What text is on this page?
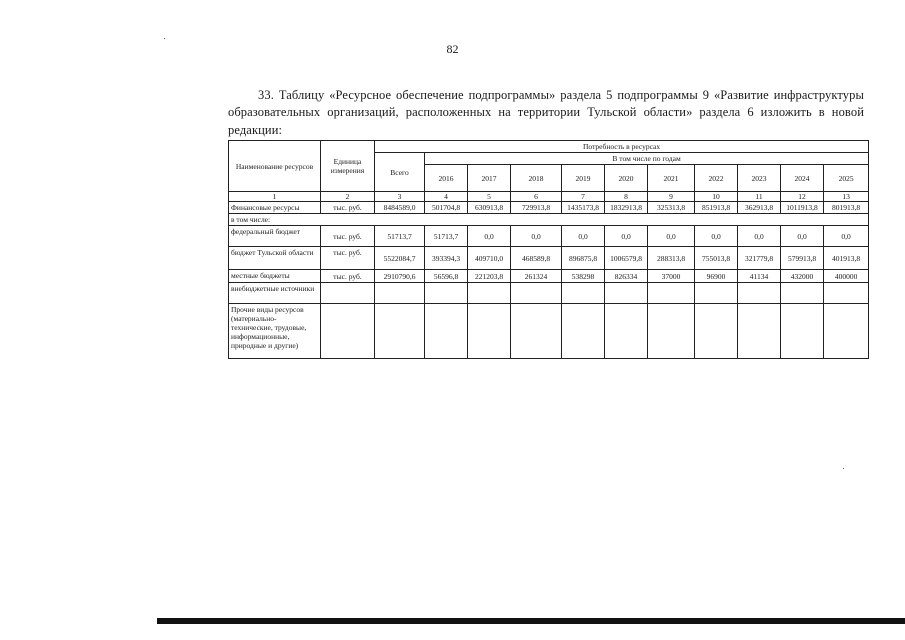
82

33. Таблицу «Ресурсное обеспечение подпрограммы» раздела 5 подпрограммы 9 «Развитие инфраструктуры образовательных организаций, расположенных на территории Тульской области» раздела 6 изложить в новой редакции:

Наименование ресурсов	Единица измерения	Потребность в ресурсах										
		Всего	В том числе по годам									
			2016	2017	2018	2019	2020	2021	2022	2023	2024	2025
1	2	3	4	5	6	7	8	9	10	11	12	13
Финансовые ресурсы	тыс. руб.	8484589,0	501704,8	630913,8	729913,8	1435173,8	1832913,8	325313,8	851913,8	362913,8	1011913,8	801913,8
в том числе:												
федеральный бюджет	тыс. руб.	51713,7	51713,7	0,0	0,0	0,0	0,0	0,0	0,0	0,0	0,0	0,0
бюджет Тульской области	тыс. руб.	5522084,7	393394,3	409710,0	468589,8	896875,8	1006579,8	288313,8	755013,8	321779,8	579913,8	401913,8
местные бюджеты	тыс. руб.	2910790,6	56596,8	221203,8	261324	538298	826334	37000	96900	41134	432000	400000
внебюджетные источники												
Прочие виды ресурсов (материально-технические, трудовые, информационные, природные и другие)												
